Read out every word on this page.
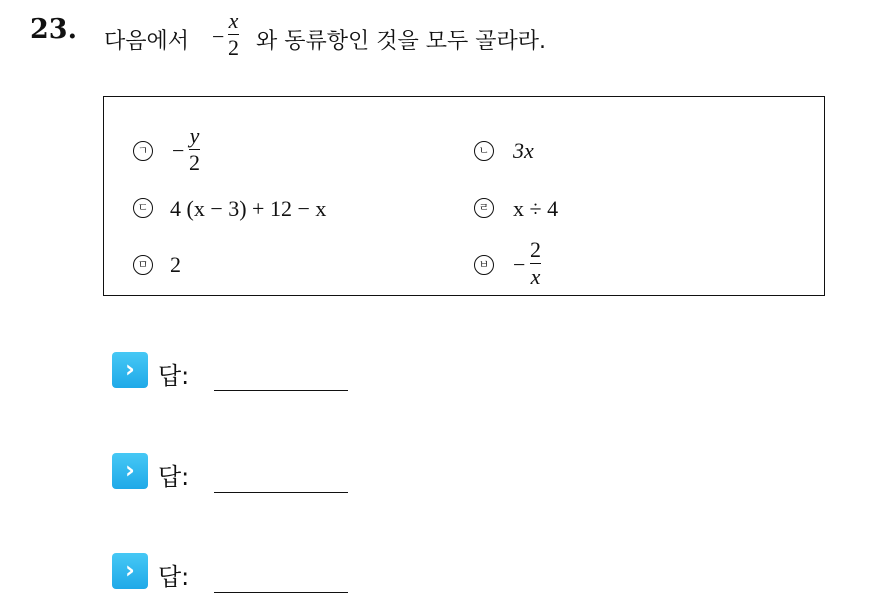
23. 다음에서 −
x
2 와 동류항인 것을 모두 골라라.
ㄱ −
y
2	ㄴ 3x
ㄷ 4 (x − 3) + 12 − x	ㄹ x ÷ 4
ㅁ 2	ㅂ −
2
x
› 답:
› 답:
› 답:
